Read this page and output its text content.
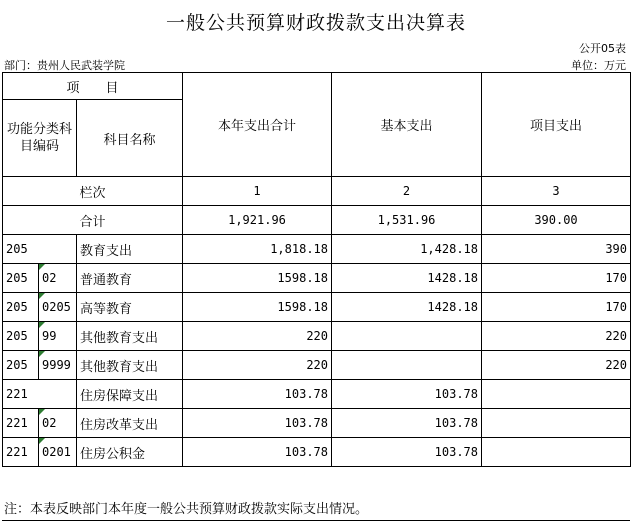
一般公共预算财政拨款支出决算表
公开05表
部门：贵州人民武装学院	单位：万元
项　　目			本年支出合计	基本支出	项目支出
功能分类科目编码		科目名称			

栏次			1	2	3
合计			1,921.96	1,531.96	390.00
205		教育支出	1,818.18	1,428.18	390
205	02	普通教育	1598.18	1428.18	170
205	0205	高等教育	1598.18	1428.18	170
205	99	其他教育支出	220		220
205	9999	其他教育支出	220		220
221		住房保障支出	103.78	103.78	
221	02	住房改革支出	103.78	103.78	
221	0201	住房公积金	103.78	103.78	
注：本表反映部门本年度一般公共预算财政拨款实际支出情况。
